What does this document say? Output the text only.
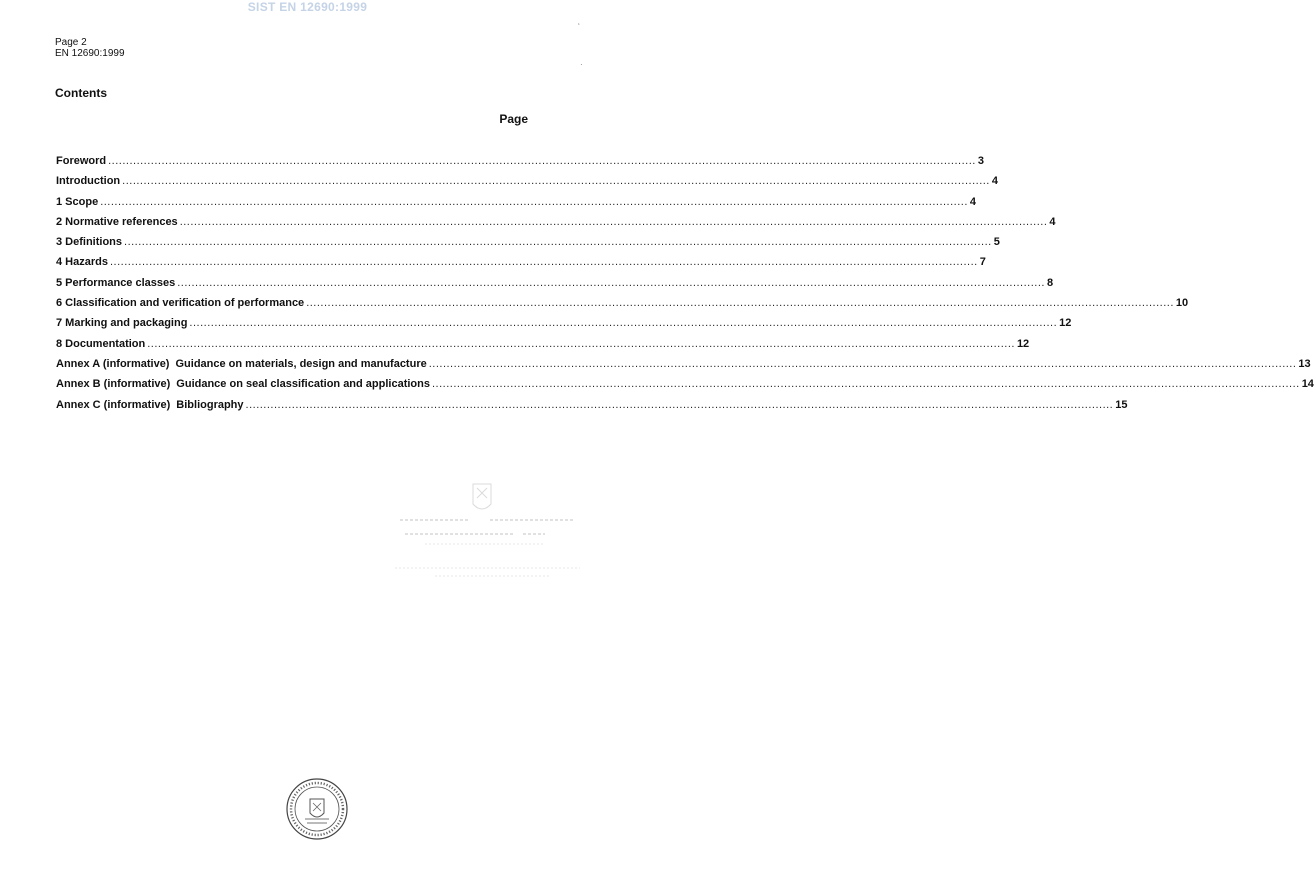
SIST EN 12690:1999
‘
·
Page 2
EN 12690:1999
Contents
Page
Foreword .................................................................................................................................................................................................................................................... 3
Introduction .................................................................................................................................................................................................................................................... 4
1 Scope .................................................................................................................................................................................................................................................... 4
2 Normative references .................................................................................................................................................................................................................................................... 4
3 Definitions .................................................................................................................................................................................................................................................... 5
4 Hazards .................................................................................................................................................................................................................................................... 7
5 Performance classes .................................................................................................................................................................................................................................................... 8
6 Classification and verification of performance .................................................................................................................................................................................................................................................... 10
7 Marking and packaging .................................................................................................................................................................................................................................................... 12
8 Documentation .................................................................................................................................................................................................................................................... 12
Annex A (informative) Guidance on materials, design and manufacture .................................................................................................................................................................................................................................................... 13
Annex B (informative) Guidance on seal classification and applications .................................................................................................................................................................................................................................................... 14
Annex C (informative) Bibliography .................................................................................................................................................................................................................................................... 15
